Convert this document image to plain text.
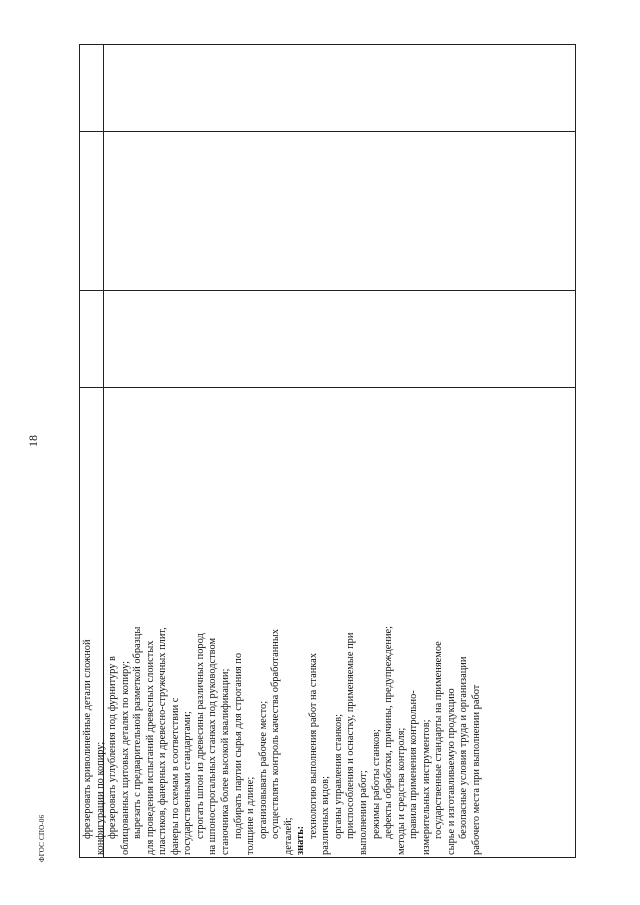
18
ФГОС СПО-06	фрезеровать криволинейные детали сложной конфигурации по копиру; фрезеровать углубления под фурнитуру в облицованных щитовых деталях по копиру; вырезать с предварительной разметкой образцы для проведения испытаний древесных слоистых пластиков, фанерных и древесно-стружечных плит, фанеры по схемам в соответствии с государственными стандартами; строгать шпон из древесины различных пород на шпонострогальных станках под руководством станочника более высокой квалификации; подбирать партии сырья для строгания по толщине и длине; организовывать рабочее место; осуществлять контроль качества обработанных деталей; знать:
технологию выполнения работ на станках различных видов; органы управления станков; приспособления и оснастку, применяемые при выполнении работ; режимы работы станков; дефекты обработки, причины, предупреждение; методы и средства контроля; правила применения контрольно- измерительных инструментов; государственные стандарты на применяемое сырье и изготавливаемую продукцию безопасные условия труда и организации рабочего места при выполнении работ
